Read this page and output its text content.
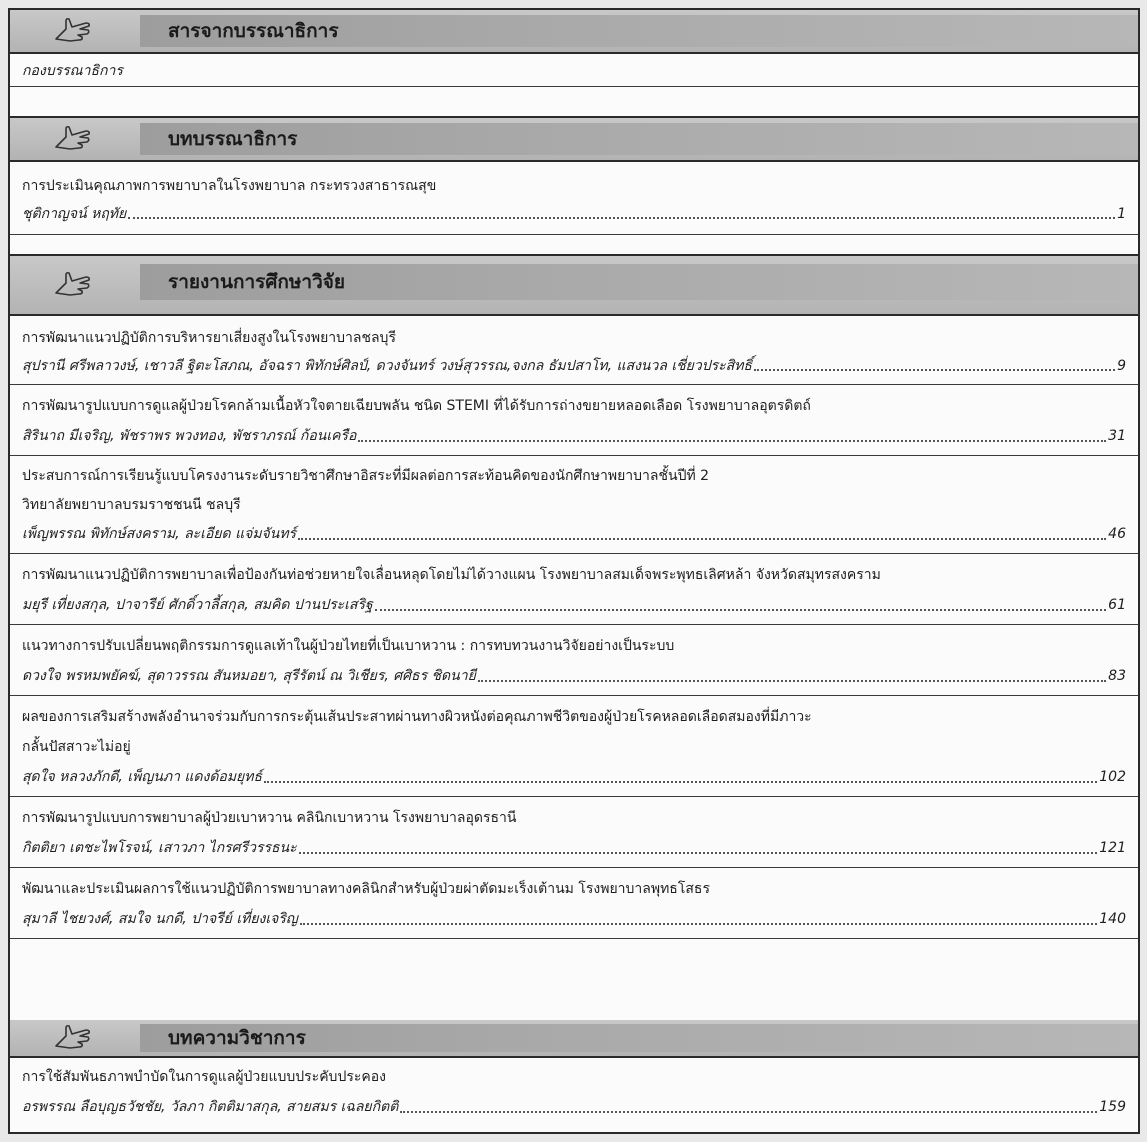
สารจากบรรณาธิการ
กองบรรณาธิการ
บทบรรณาธิการ
การประเมินคุณภาพการพยาบาลในโรงพยาบาล กระทรวงสาธารณสุข
ชุติกาญจน์ หฤทัย	1
รายงานการศึกษาวิจัย
การพัฒนาแนวปฏิบัติการบริหารยาเสี่ยงสูงในโรงพยาบาลชลบุรี
สุปรานี ศรีพลาวงษ์, เชาวลี ฐิตะโสภณ, อัจฉรา พิทักษ์ศิลป์, ดวงจันทร์ วงษ์สุวรรณ,จงกล ธัมปสาโท, แสงนวล เชี่ยวประสิทธิ์	9
การพัฒนารูปแบบการดูแลผู้ป่วยโรคกล้ามเนื้อหัวใจตายเฉียบพลัน ชนิด STEMI ที่ได้รับการถ่างขยายหลอดเลือด โรงพยาบาลอุตรดิตถ์
สิรินาถ มีเจริญ, พัชราพร พวงทอง, พัชราภรณ์ ก้อนเครือ	31
ประสบการณ์การเรียนรู้แบบโครงงานระดับรายวิชาศึกษาอิสระที่มีผลต่อการสะท้อนคิดของนักศึกษาพยาบาลชั้นปีที่ 2
วิทยาลัยพยาบาลบรมราชชนนี ชลบุรี
เพ็ญพรรณ พิทักษ์สงคราม, ละเอียด แจ่มจันทร์	46
การพัฒนาแนวปฏิบัติการพยาบาลเพื่อป้องกันท่อช่วยหายใจเลื่อนหลุดโดยไม่ได้วางแผน โรงพยาบาลสมเด็จพระพุทธเลิศหล้า จังหวัดสมุทรสงคราม
มยุรี เที่ยงสกุล, ปาจารีย์ ศักดิ์วาลี้สกุล, สมคิด ปานประเสริฐ	61
แนวทางการปรับเปลี่ยนพฤติกรรมการดูแลเท้าในผู้ป่วยไทยที่เป็นเบาหวาน : การทบทวนงานวิจัยอย่างเป็นระบบ
ดวงใจ พรหมพยัคฆ์, สุดาวรรณ สันหมอยา, สุรีรัตน์ ณ วิเชียร, ศศิธร ชิดนายี	83
ผลของการเสริมสร้างพลังอำนาจร่วมกับการกระตุ้นเส้นประสาทผ่านทางผิวหนังต่อคุณภาพชีวิตของผู้ป่วยโรคหลอดเลือดสมองที่มีภาวะ
กลั้นปัสสาวะไม่อยู่
สุดใจ หลวงภักดี, เพ็ญนภา แดงด้อมยุทธ์	102
การพัฒนารูปแบบการพยาบาลผู้ป่วยเบาหวาน คลินิกเบาหวาน โรงพยาบาลอุดรธานี
กิตติยา เตชะไพโรจน์, เสาวภา ไกรศรีวรรธนะ	121
พัฒนาและประเมินผลการใช้แนวปฏิบัติการพยาบาลทางคลินิกสำหรับผู้ป่วยผ่าตัดมะเร็งเต้านม โรงพยาบาลพุทธโสธร
สุมาลี ไชยวงศ์, สมใจ นกดี, ปาจรีย์ เที่ยงเจริญ	140
บทความวิชาการ
การใช้สัมพันธภาพบำบัดในการดูแลผู้ป่วยแบบประคับประคอง
อรพรรณ ลือบุญธวัชชัย, วัลภา กิตติมาสกุล, สายสมร เฉลยกิตติ	159
